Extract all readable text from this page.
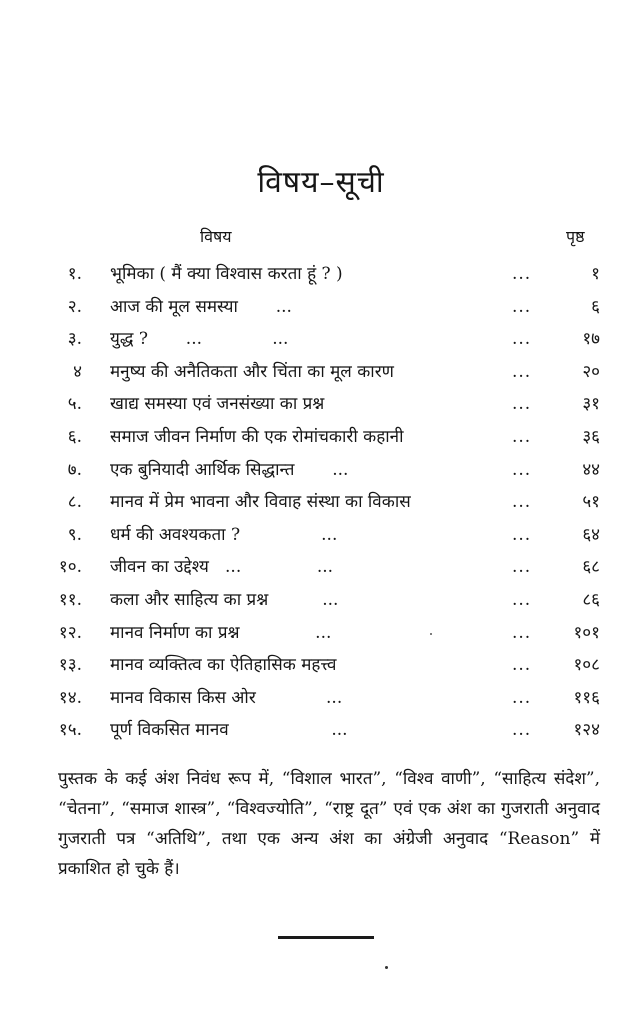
विषय–सूची
विषय	पृष्ठ
१. भूमिका ( मैं क्या विश्वास करता हूं ? )	...	१
२. आज की मूल समस्या       ...	...	६
३. युद्ध ?       ...             ...	...	१७
४ मनुष्य की अनैतिकता और चिंता का मूल कारण	...	२०
५. खाद्य समस्या एवं जनसंख्या का प्रश्न	...	३१
६. समाज जीवन निर्माण की एक रोमांचकारी कहानी	...	३६
७. एक बुनियादी आर्थिक सिद्धान्त       ...	...	४४
८. मानव में प्रेम भावना और विवाह संस्था का विकास	...	५१
९. धर्म की अवश्यकता ?               ...	...	६४
१०. जीवन का उद्देश्य   ...              ...	...	६८
११. कला और साहित्य का प्रश्न          ...	...	८६
१२. मानव निर्माण का प्रश्न              ...	... १०१
१३. मानव व्यक्तित्व का ऐतिहासिक महत्त्व	... १०८
१४. मानव विकास किस ओर             ...	... ११६
१५. पूर्ण विकसित मानव                   ...	... १२४
पुस्तक के कई अंश निवंध रूप में, “विशाल भारत”, “विश्व वाणी”, “साहित्य संदेश”, “चेतना”, “समाज शास्त्र”, “विश्वज्योति”, “राष्ट्र दूत” एवं एक अंश का गुजराती अनुवाद गुजराती पत्र “अतिथि”, तथा एक अन्य अंश का अंग्रेजी अनुवाद “Reason” में प्रकाशित हो चुके हैं।
